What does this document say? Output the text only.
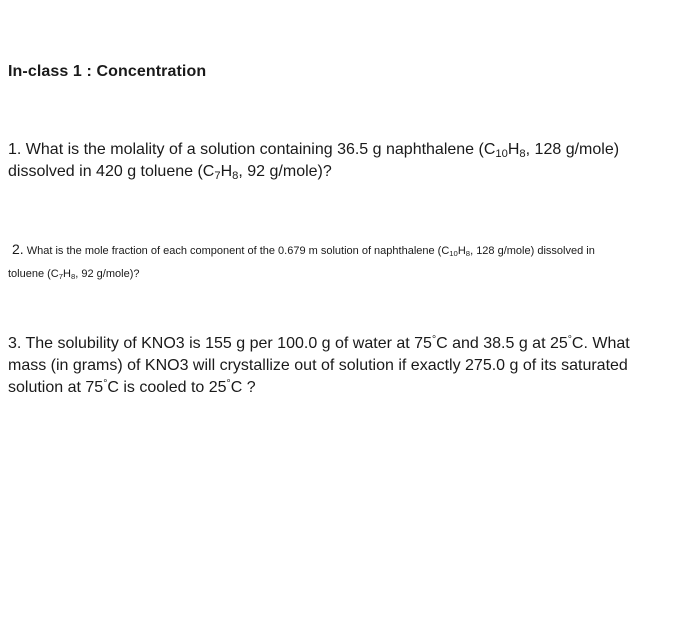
In-class 1 : Concentration
1. What is the molality of a solution containing 36.5 g naphthalene ($C_{10}H_8$, 128 g/mole)
dissolved in 420 g toluene ($C_7H_8$, 92 g/mole)?
2. What is the mole fraction of each component of the 0.679 m solution of naphthalene ($C_{10}H_8$, 128 g/mole) dissolved in
toluene ($C_7H_8$, 92 g/mole)?
3. The solubility of KNO3 is 155 g per 100.0 g of water at 75°C and 38.5 g at 25°C. What
mass (in grams) of KNO3 will crystallize out of solution if exactly 275.0 g of its saturated
solution at 75°C is cooled to 25°C ?
